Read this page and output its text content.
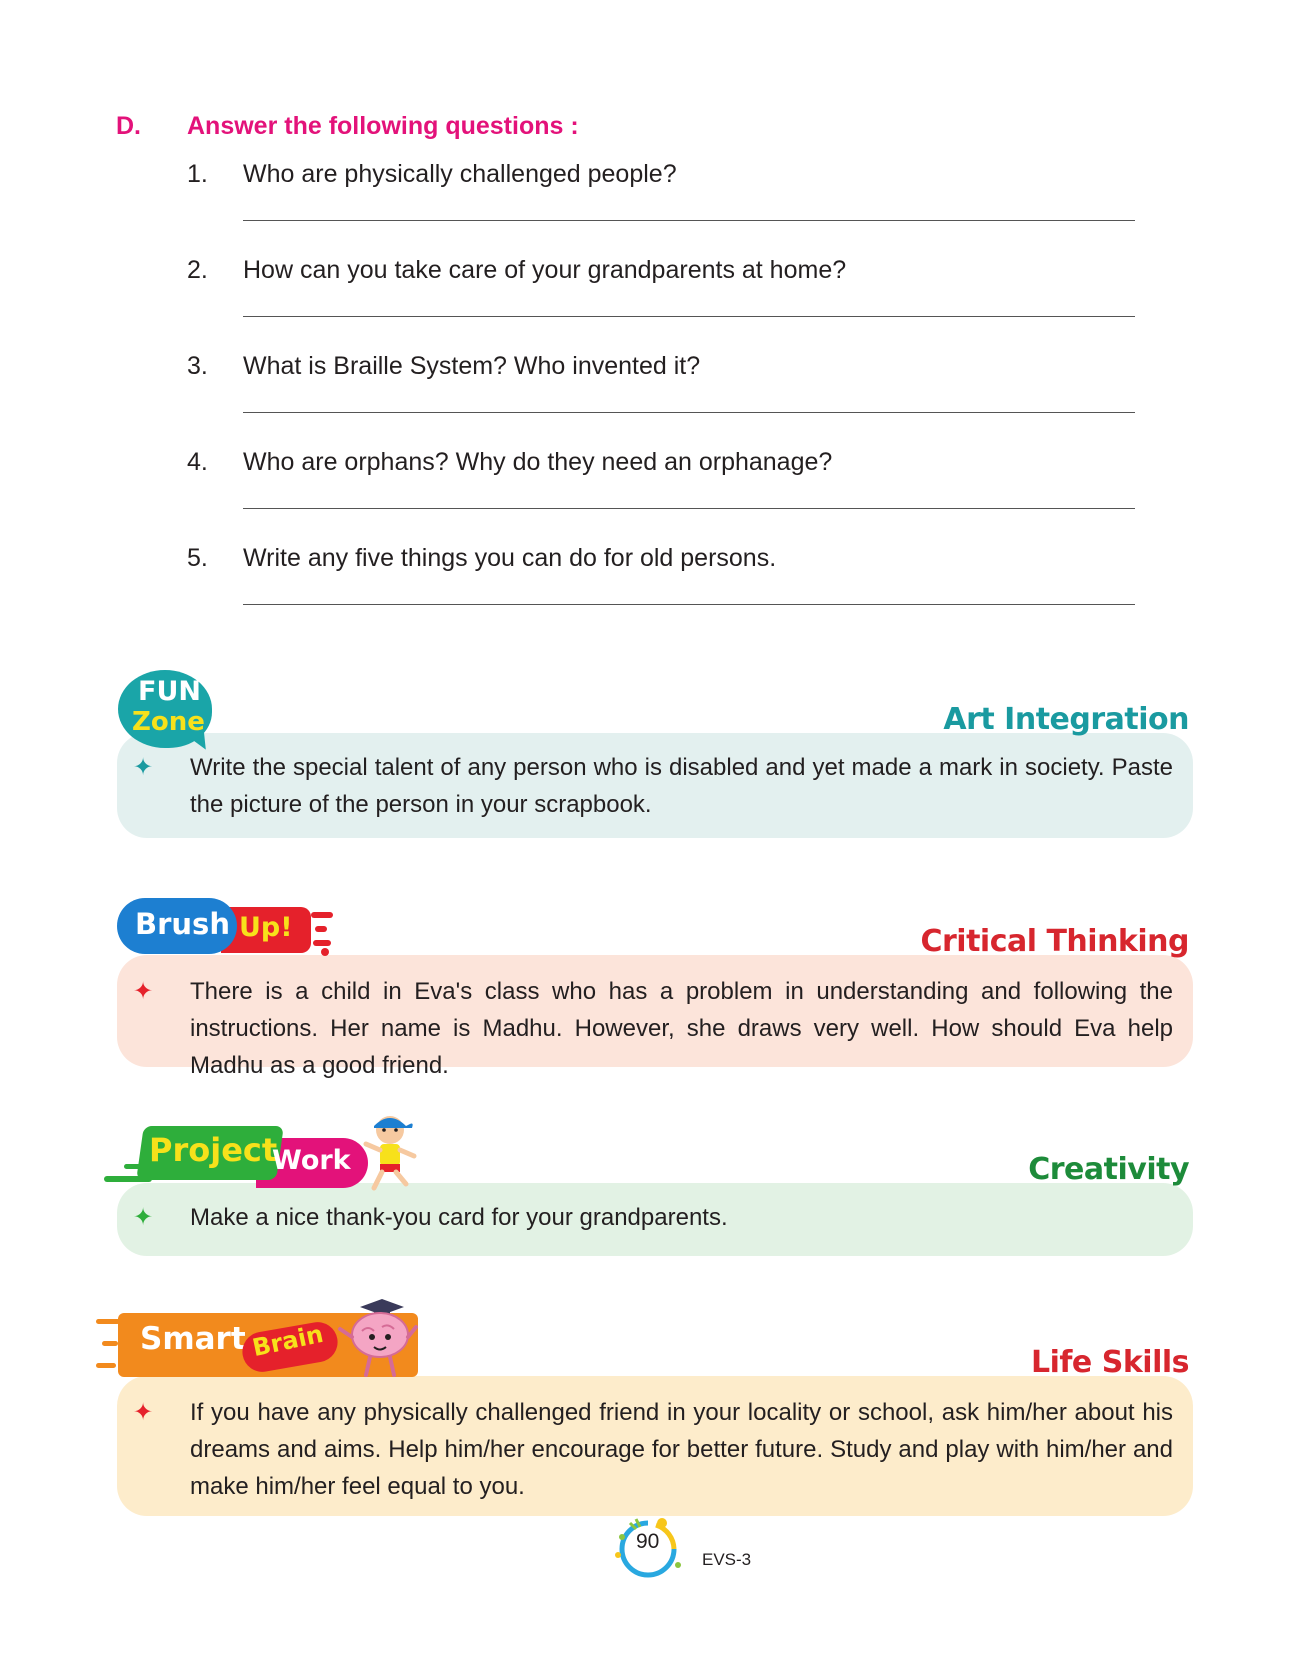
D. Answer the following questions :
1. Who are physically challenged people?
2. How can you take care of your grandparents at home?
3. What is Braille System? Who invented it?
4. Who are orphans? Why do they need an orphanage?
5. Write any five things you can do for old persons.
✦ Write the special talent of any person who is disabled and yet made a mark in society. Paste the picture of the person in your scrapbook.
FUN
Zone	Art Integration
✦ There is a child in Eva's class who has a problem in understanding and following the instructions. Her name is Madhu. However, she draws very well. How should Eva help Madhu as a good friend.
Up!
Brush	Critical Thinking
✦ Make a nice thank-you card for your grandparents.
Project
Work	Creativity
✦ If you have any physically challenged friend in your locality or school, ask him/her about his dreams and aims. Help him/her encourage for better future. Study and play with him/her and make him/her feel equal to you.
Smart Brain
Life Skills
90
EVS-3
